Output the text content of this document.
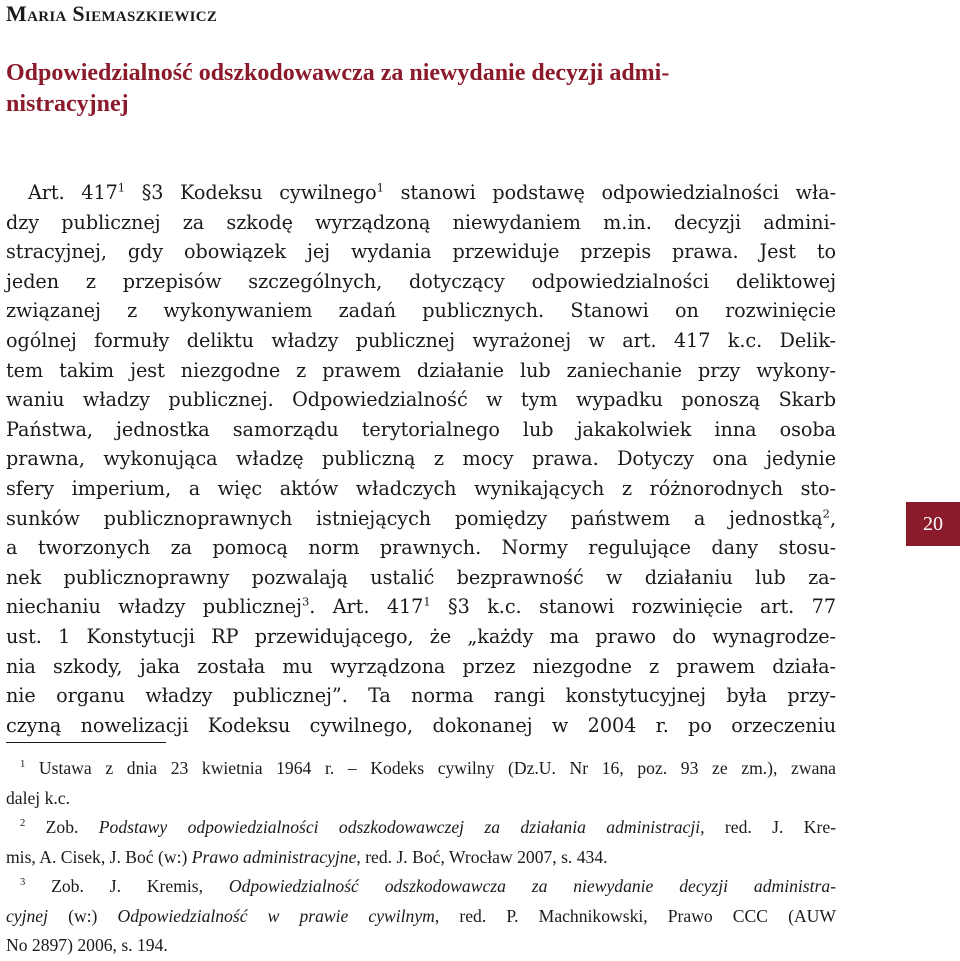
Maria Siemaszkiewicz
Odpowiedzialność odszkodowawcza za niewydanie decyzji admi-
nistracyjnej
Art. $417^1$ §3 Kodeksu cywilnego$^1$ stanowi podstawę odpowiedzialności wła-
dzy publicznej za szkodę wyrządzoną niewydaniem m.in. decyzji admini-
stracyjnej, gdy obowiązek jej wydania przewiduje przepis prawa. Jest to
jeden z przepisów szczególnych, dotyczący odpowiedzialności deliktowej
związanej z wykonywaniem zadań publicznych. Stanowi on rozwinięcie
ogólnej formuły deliktu władzy publicznej wyrażonej w art. 417 k.c. Delik-
tem takim jest niezgodne z prawem działanie lub zaniechanie przy wykony-
waniu władzy publicznej. Odpowiedzialność w tym wypadku ponoszą Skarb
Państwa, jednostka samorządu terytorialnego lub jakakolwiek inna osoba
prawna, wykonująca władzę publiczną z mocy prawa. Dotyczy ona jedynie
sfery imperium, a więc aktów władczych wynikających z różnorodnych sto-
sunków publicznoprawnych istniejących pomiędzy państwem a jednostką$^2$,
a tworzonych za pomocą norm prawnych. Normy regulujące dany stosu-
nek publicznoprawny pozwalają ustalić bezprawność w działaniu lub za-
niechaniu władzy publicznej$^3$. Art. $417^1$ §3 k.c. stanowi rozwinięcie art. 77
ust. 1 Konstytucji RP przewidującego, że „każdy ma prawo do wynagrodze-
nia szkody, jaka została mu wyrządzona przez niezgodne z prawem działa-
nie organu władzy publicznej”. Ta norma rangi konstytucyjnej była przy-
czyną nowelizacji Kodeksu cywilnego, dokonanej w 2004 r. po orzeczeniu
$^1$ Ustawa z dnia 23 kwietnia 1964 r. – Kodeks cywilny (Dz.U. Nr 16, poz. 93 ze zm.), zwana
dalej k.c.
$^2$ Zob. Podstawy odpowiedzialności odszkodowawczej za działania administracji, red. J. Kre-
mis, A. Cisek, J. Boć (w:) Prawo administracyjne, red. J. Boć, Wrocław 2007, s. 434.
$^3$ Zob. J. Kremis, Odpowiedzialność odszkodowawcza za niewydanie decyzji administra-
cyjnej (w:) Odpowiedzialność w prawie cywilnym, red. P. Machnikowski, Prawo CCC (AUW
No 2897) 2006, s. 194.
20
